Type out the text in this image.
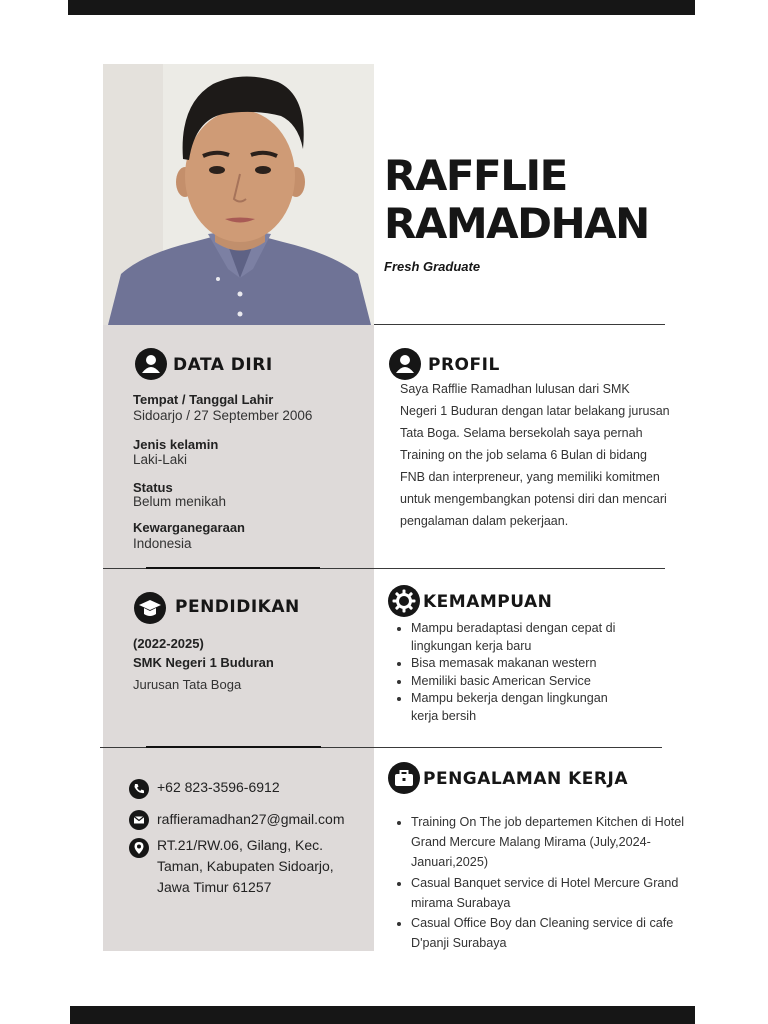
RAFFLIE
RAMADHAN
Fresh Graduate
DATA DIRI
Tempat / Tanggal Lahir
Sidoarjo / 27 September 2006
Jenis kelamin
Laki-Laki
Status
Belum menikah
Kewarganegaraan
Indonesia
PROFIL
Saya Rafflie Ramadhan lulusan dari SMK Negeri 1 Buduran dengan latar belakang jurusan Tata Boga. Selama bersekolah saya pernah Training on the job selama 6 Bulan di bidang FNB dan interpreneur, yang memiliki komitmen untuk mengembangkan potensi diri dan mencari pengalaman dalam pekerjaan.
PENDIDIKAN
(2022-2025)
SMK Negeri 1 Buduran
Jurusan Tata Boga
KEMAMPUAN
• Mampu beradaptasi dengan cepat di lingkungan kerja baru
• Bisa memasak makanan western
• Memiliki basic American Service
• Mampu bekerja dengan lingkungan kerja bersih
+62 823-3596-6912
raffieramadhan27@gmail.com
RT.21/RW.06, Gilang, Kec. Taman, Kabupaten Sidoarjo, Jawa Timur 61257
PENGALAMAN KERJA
• Training On The job departemen Kitchen di Hotel Grand Mercure Malang Mirama (July,2024-Januari,2025)
• Casual Banquet service di Hotel Mercure Grand mirama Surabaya
• Casual Office Boy dan Cleaning service di cafe D'panji Surabaya
